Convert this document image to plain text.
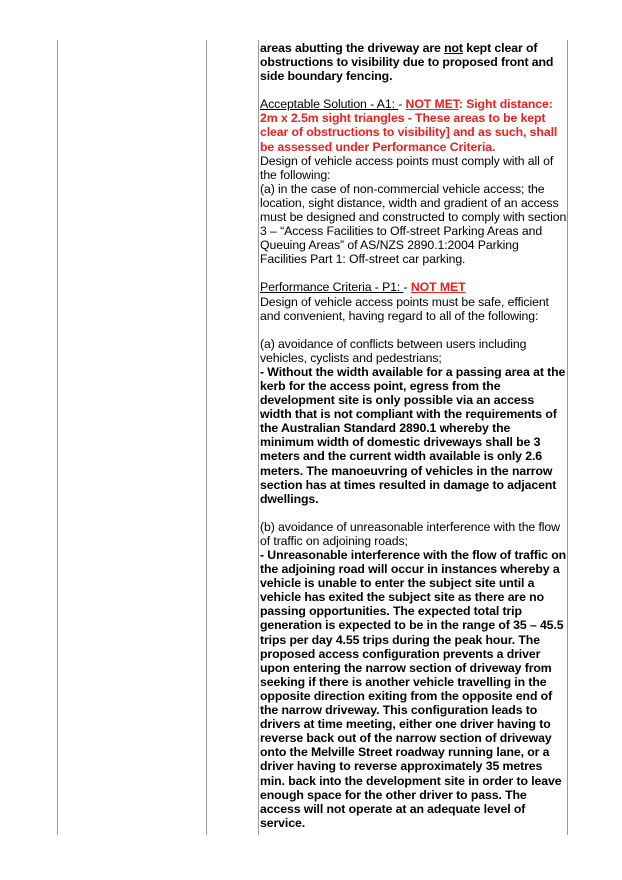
areas abutting the driveway are not kept clear of obstructions to visibility due to proposed front and side boundary fencing.

Acceptable Solution - A1: - NOT MET: Sight distance: 2m x 2.5m sight triangles - These areas to be kept clear of obstructions to visibility] and as such, shall be assessed under Performance Criteria.

Design of vehicle access points must comply with all of the following:

(a) in the case of non-commercial vehicle access; the location, sight distance, width and gradient of an access must be designed and constructed to comply with section 3 – “Access Facilities to Off-street Parking Areas and Queuing Areas” of AS/NZS 2890.1:2004 Parking Facilities Part 1: Off-street car parking.

Performance Criteria - P1: - NOT MET

Design of vehicle access points must be safe, efficient and convenient, having regard to all of the following:

(a) avoidance of conflicts between users including vehicles, cyclists and pedestrians;

- Without the width available for a passing area at the kerb for the access point, egress from the development site is only possible via an access width that is not compliant with the requirements of the Australian Standard 2890.1 whereby the minimum width of domestic driveways shall be 3 meters and the current width available is only 2.6 meters. The manoeuvring of vehicles in the narrow section has at times resulted in damage to adjacent dwellings.

(b) avoidance of unreasonable interference with the flow of traffic on adjoining roads;

- Unreasonable interference with the flow of traffic on the adjoining road will occur in instances whereby a vehicle is unable to enter the subject site until a vehicle has exited the subject site as there are no passing opportunities. The expected total trip generation is expected to be in the range of 35 – 45.5 trips per day 4.55 trips during the peak hour. The proposed access configuration prevents a driver upon entering the narrow section of driveway from seeking if there is another vehicle travelling in the opposite direction exiting from the opposite end of the narrow driveway. This configuration leads to drivers at time meeting, either one driver having to reverse back out of the narrow section of driveway onto the Melville Street roadway running lane, or a driver having to reverse approximately 35 metres min. back into the development site in order to leave enough space for the other driver to pass. The access will not operate at an adequate level of service.
